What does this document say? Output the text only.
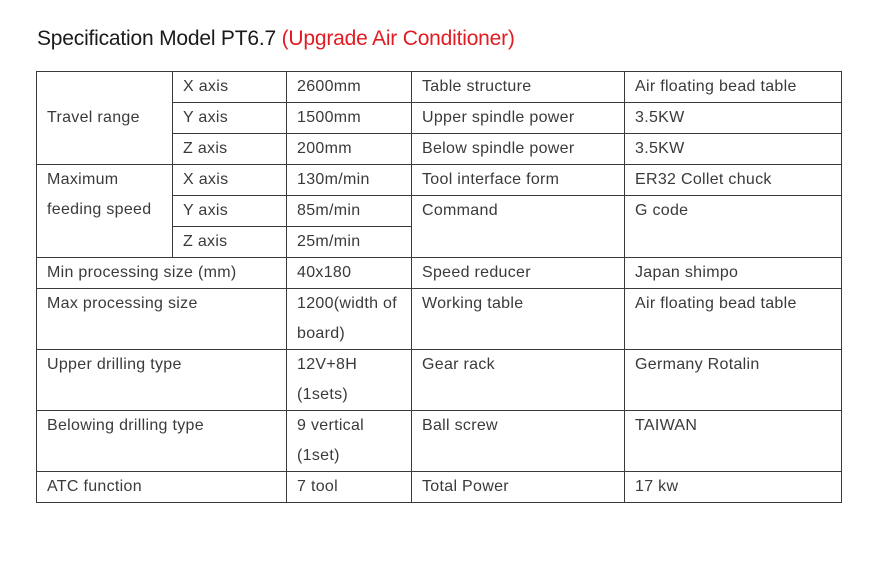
Specification Model PT6.7 (Upgrade Air Conditioner)
Travel range	X axis	2600mm	Table structure	Air floating bead table
	Y axis	1500mm	Upper spindle power	3.5KW
	Z axis	200mm	Below spindle power	3.5KW
Maximum feeding speed	X axis	130m/min	Tool interface form	ER32 Collet chuck
	Y axis	85m/min	Command	G code
	Z axis	25m/min		
Min processing size (mm)		40x180	Speed reducer	Japan shimpo
Max processing size		1200(width of board)	Working table	Air floating bead table
Upper drilling type		12V+8H (1sets)	Gear rack	Germany Rotalin
Belowing drilling type		9 vertical (1set)	Ball screw	TAIWAN
ATC function		7 tool	Total Power	17 kw
